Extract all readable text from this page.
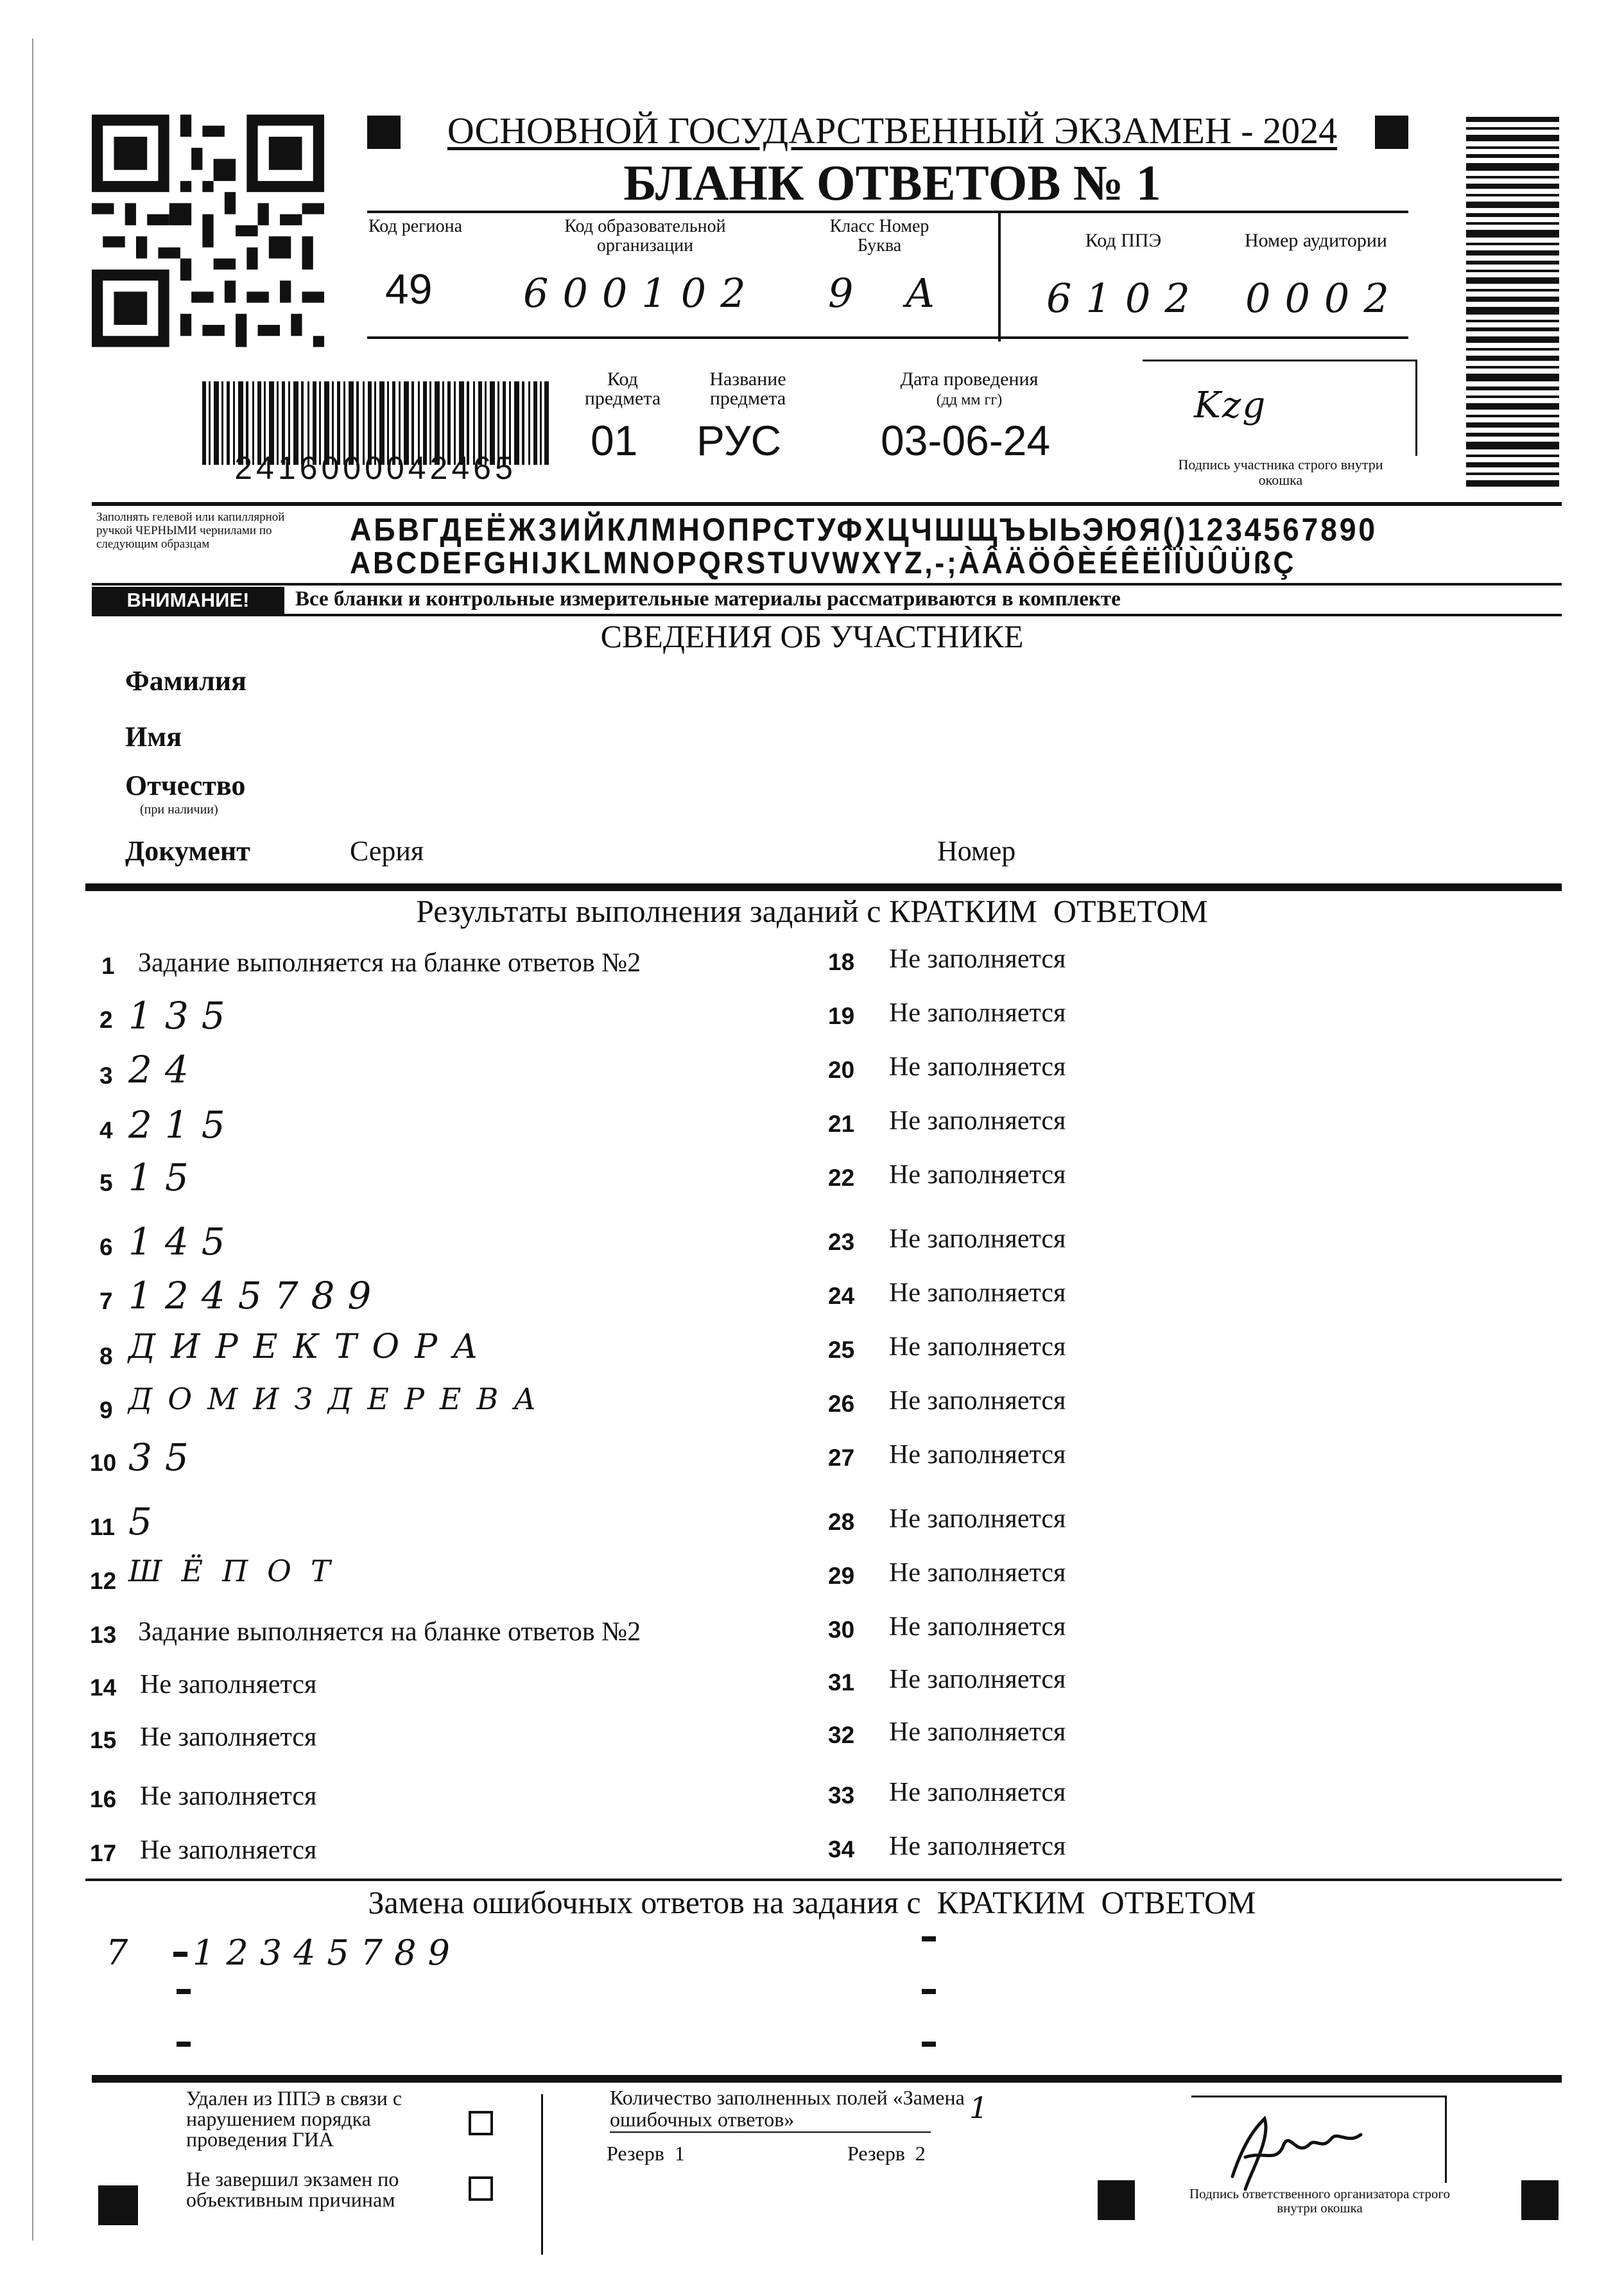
ОСНОВНОЙ ГОСУДАРСТВЕННЫЙ ЭКЗАМЕН - 2024
БЛАНК ОТВЕТОВ № 1
Код региона
49
Код образовательной организации
600102
Класс Номер Буква
9 А
Код ППЭ
6102
Номер аудитории
0002
2416000042465
Код предмета
01
Название предмета
РУС
Дата проведения
(дд мм гг)
03-06-24
Kzg
Подпись участника строго внутри окошка
Заполнять гелевой или капиллярной ручкой ЧЕРНЫМИ чернилами по следующим образцам	АБВГДЕЁЖЗИЙКЛМНОПРСТУФХЦЧШЩЪЫЬЭЮЯ()1234567890
ABCDEFGHIJKLMNOPQRSTUVWXYZ,-;ÀÂÄÖÔÈÉÊËÎÏÙÛÜßÇ
ВНИМАНИЕ!	Все бланки и контрольные измерительные материалы рассматриваются в комплекте
СВЕДЕНИЯ ОБ УЧАСТНИКЕ
Фамилия
Имя
Отчество
(при наличии)
Документ	Серия	Номер
Результаты выполнения заданий с КРАТКИМ  ОТВЕТОМ
1 Задание выполняется на бланке ответов №2
2 135
3 24
4 215
5 15
6 145
7 1245789
8 ДИРЕКТОРА
9 ДОМИЗДЕРЕВА
10 35
11 5
12 ШЁПОТ
13 Задание выполняется на бланке ответов №2
14 Не заполняется
15 Не заполняется
16 Не заполняется
17 Не заполняется
18 Не заполняется
19 Не заполняется
20 Не заполняется
21 Не заполняется
22 Не заполняется
23 Не заполняется
24 Не заполняется
25 Не заполняется
26 Не заполняется
27 Не заполняется
28 Не заполняется
29 Не заполняется
30 Не заполняется
31 Не заполняется
32 Не заполняется
33 Не заполняется
34 Не заполняется
Замена ошибочных ответов на задания с  КРАТКИМ  ОТВЕТОМ
7 12345789
Удален из ППЭ в связи с нарушением порядка проведения ГИА
Не завершил экзамен по объективным причинам
Количество заполненных полей «Замена ошибочных ответов»	1
Резерв  1	Резерв  2
Подпись ответственного организатора строго внутри окошка
